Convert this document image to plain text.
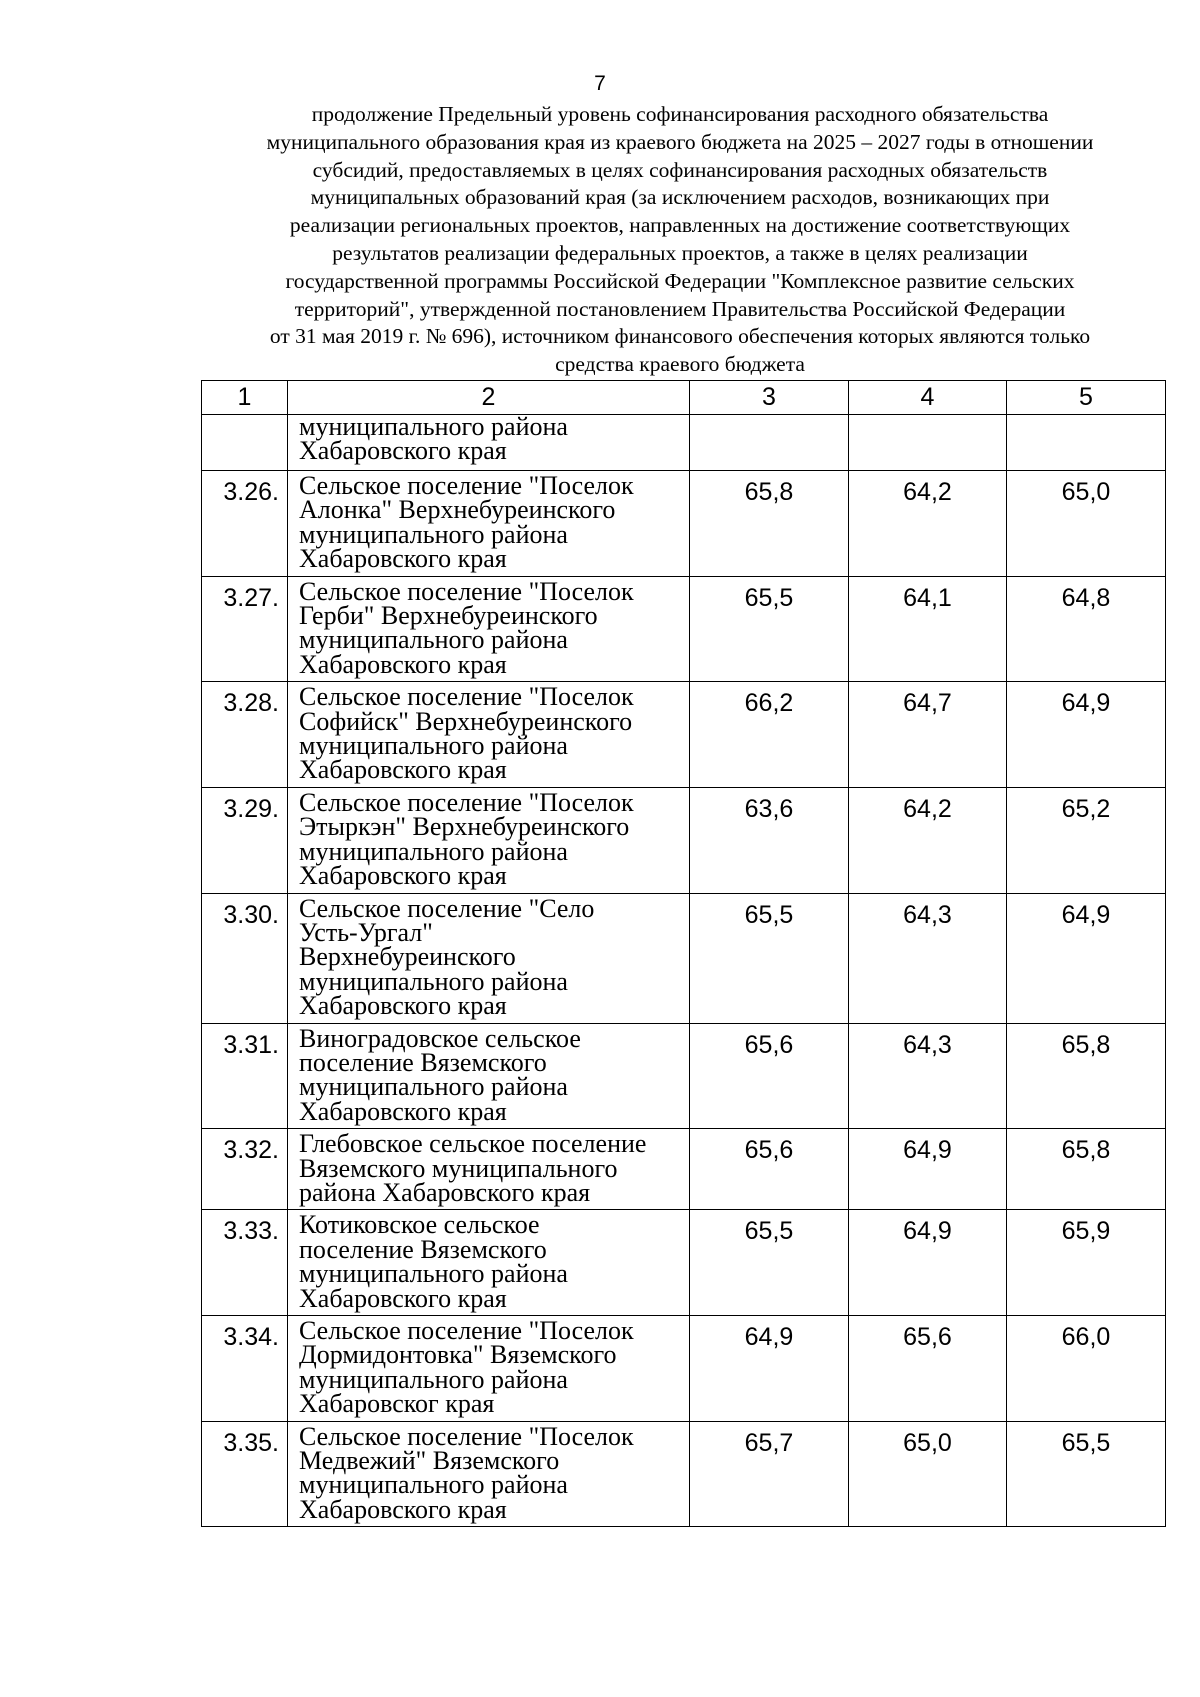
7
продолжение Предельный уровень софинансирования расходного обязательства
муниципального образования края из краевого бюджета на 2025 – 2027 годы в отношении
субсидий, предоставляемых в целях софинансирования расходных обязательств
муниципальных образований края (за исключением расходов, возникающих при
реализации региональных проектов, направленных на достижение соответствующих
результатов реализации федеральных проектов, а также в целях реализации
государственной программы Российской Федерации "Комплексное развитие сельских
территорий", утвержденной постановлением Правительства Российской Федерации
от 31 мая 2019 г. № 696), источником финансового обеспечения которых являются только
средства краевого бюджета
1	2	3	4	5

	муниципального района
Хабаровского края			

3.26.	Сельское поселение "Поселок
Алонка" Верхнебуреинского
муниципального района
Хабаровского края	65,8	64,2	65,0
3.27.	Сельское поселение "Поселок
Герби" Верхнебуреинского
муниципального района
Хабаровского края	65,5	64,1	64,8
3.28.	Сельское поселение "Поселок
Софийск" Верхнебуреинского
муниципального района
Хабаровского края	66,2	64,7	64,9
3.29.	Сельское поселение "Поселок
Этыркэн" Верхнебуреинского
муниципального района
Хабаровского края	63,6	64,2	65,2
3.30.	Сельское поселение "Село
Усть-Ургал"
Верхнебуреинского
муниципального района
Хабаровского края	65,5	64,3	64,9
3.31.	Виноградовское сельское
поселение Вяземского
муниципального района
Хабаровского края	65,6	64,3	65,8
3.32.	Глебовское сельское поселение
Вяземского муниципального
района Хабаровского края	65,6	64,9	65,8
3.33.	Котиковское сельское
поселение Вяземского
муниципального района
Хабаровского края	65,5	64,9	65,9
3.34.	Сельское поселение "Поселок
Дормидонтовка" Вяземского
муниципального района
Хабаровског края	64,9	65,6	66,0
3.35.	Сельское поселение "Поселок
Медвежий" Вяземского
муниципального района
Хабаровского края	65,7	65,0	65,5
